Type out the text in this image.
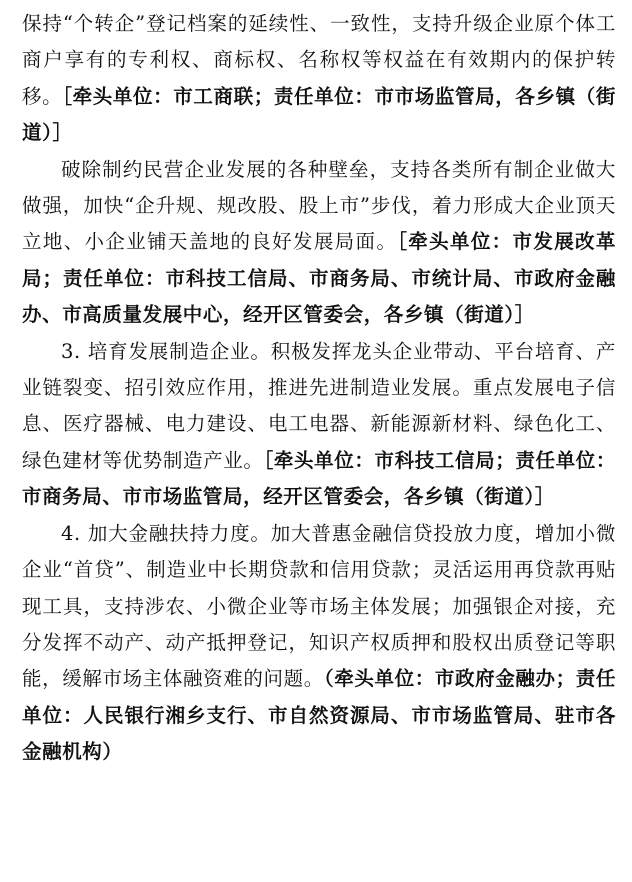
保持“个转企”登记档案的延续性、一致性，支持升级企业原个体工商户享有的专利权、商标权、名称权等权益在有效期内的保护转移。［牵头单位：市工商联；责任单位：市市场监管局，各乡镇（街道）］

破除制约民营企业发展的各种壁垒，支持各类所有制企业做大做强，加快“企升规、规改股、股上市”步伐，着力形成大企业顶天立地、小企业铺天盖地的良好发展局面。［牵头单位：市发展改革局；责任单位：市科技工信局、市商务局、市统计局、市政府金融办、市高质量发展中心，经开区管委会，各乡镇（街道）］

3. 培育发展制造企业。积极发挥龙头企业带动、平台培育、产业链裂变、招引效应作用，推进先进制造业发展。重点发展电子信息、医疗器械、电力建设、电工电器、新能源新材料、绿色化工、绿色建材等优势制造产业。［牵头单位：市科技工信局；责任单位：市商务局、市市场监管局，经开区管委会，各乡镇（街道）］

4. 加大金融扶持力度。加大普惠金融信贷投放力度，增加小微企业“首贷”、制造业中长期贷款和信用贷款；灵活运用再贷款再贴现工具，支持涉农、小微企业等市场主体发展；加强银企对接，充分发挥不动产、动产抵押登记，知识产权质押和股权出质登记等职能，缓解市场主体融资难的问题。（牵头单位：市政府金融办；责任单位：人民银行湘乡支行、市自然资源局、市市场监管局、驻市各金融机构）
